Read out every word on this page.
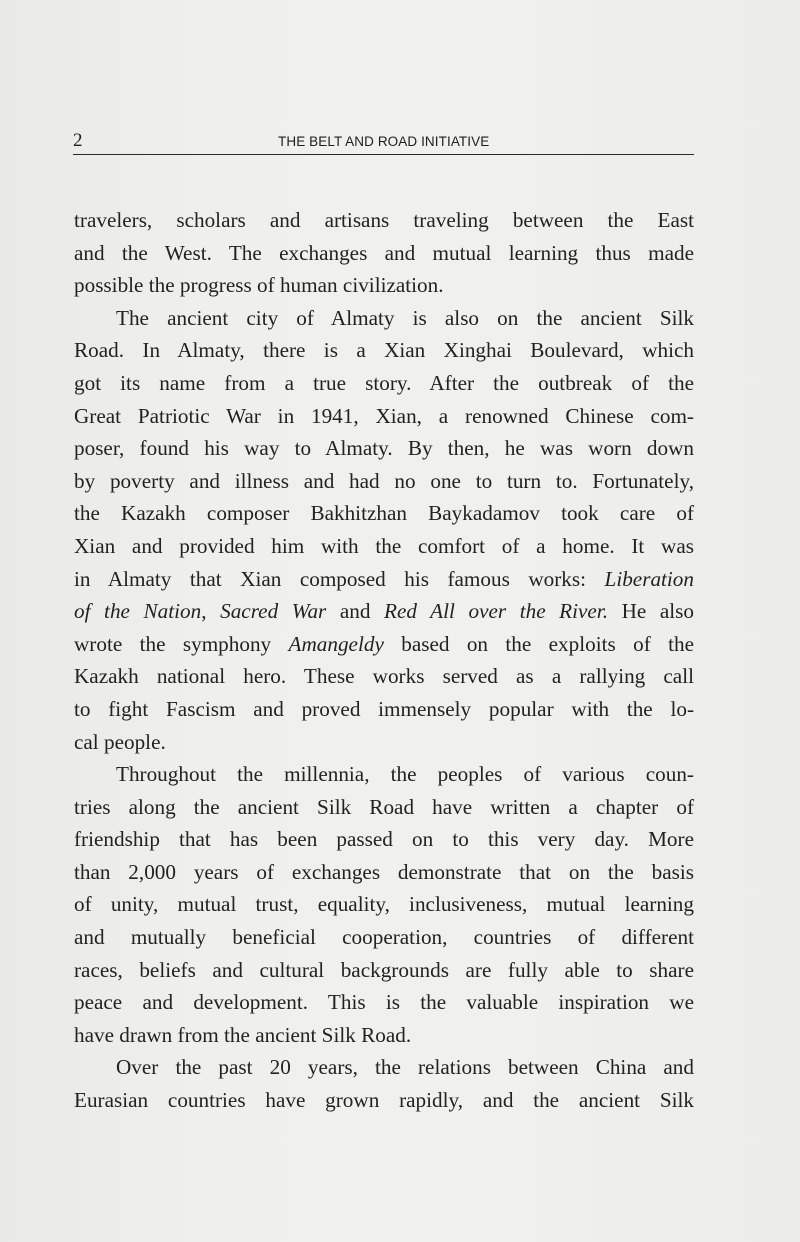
2	THE BELT AND ROAD INITIATIVE
travelers, scholars and artisans traveling between the East
and the West. The exchanges and mutual learning thus made
possible the progress of human civilization.
The ancient city of Almaty is also on the ancient Silk
Road. In Almaty, there is a Xian Xinghai Boulevard, which
got its name from a true story. After the outbreak of the
Great Patriotic War in 1941, Xian, a renowned Chinese com-
poser, found his way to Almaty. By then, he was worn down
by poverty and illness and had no one to turn to. Fortunately,
the Kazakh composer Bakhitzhan Baykadamov took care of
Xian and provided him with the comfort of a home. It was
in Almaty that Xian composed his famous works: Liberation
of the Nation, Sacred War and Red All over the River. He also
wrote the symphony Amangeldy based on the exploits of the
Kazakh national hero. These works served as a rallying call
to fight Fascism and proved immensely popular with the lo-
cal people.
Throughout the millennia, the peoples of various coun-
tries along the ancient Silk Road have written a chapter of
friendship that has been passed on to this very day. More
than 2,000 years of exchanges demonstrate that on the basis
of unity, mutual trust, equality, inclusiveness, mutual learning
and mutually beneficial cooperation, countries of different
races, beliefs and cultural backgrounds are fully able to share
peace and development. This is the valuable inspiration we
have drawn from the ancient Silk Road.
Over the past 20 years, the relations between China and
Eurasian countries have grown rapidly, and the ancient Silk
